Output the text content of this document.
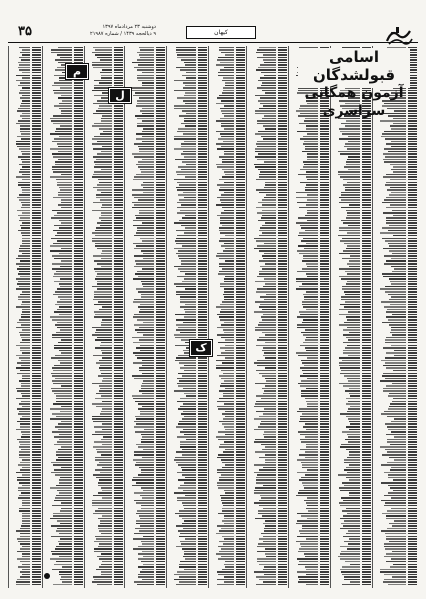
۳۵	دوشنبه ۲۳ مردادماه ۱۳۹۷
۹ ذیالحجه ۱۴۳۹ / شماره ۲۱۹۸۷	کیهان
اسامی قبولشدگان
آزمون همگانی سراسری
م
ل
ک
